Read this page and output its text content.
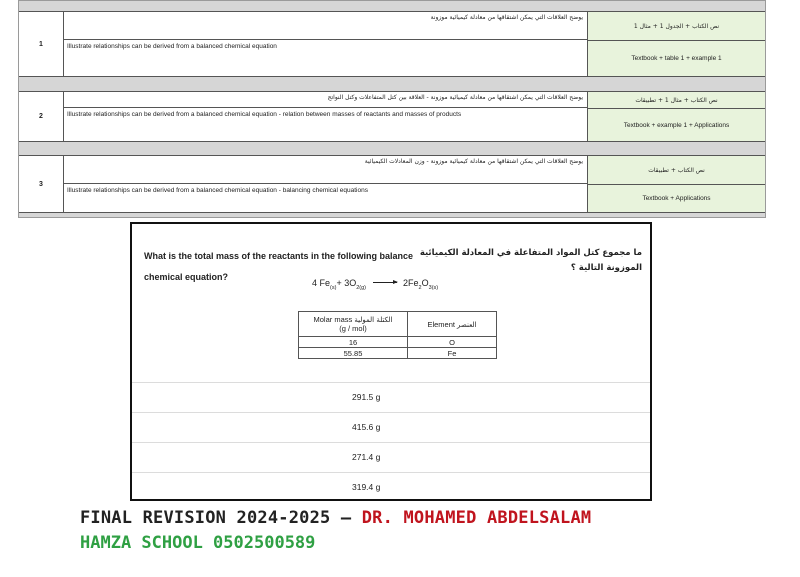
1
يوضح العلاقات التي يمكن اشتقاقها من معادلة كيميائية موزونة
Illustrate relationships can be derived from a balanced chemical equation
نص الكتاب + الجدول 1 + مثال 1
Textbook + table 1 + example 1
2
يوضح العلاقات التي يمكن اشتقاقها من معادلة كيميائية موزونة - العلاقة بين كتل المتفاعلات وكتل النواتج
Illustrate relationships can be derived from a balanced chemical equation - relation between masses of reactants and masses of products
نص الكتاب + مثال 1 + تطبيقات
Textbook + example 1 + Applications
3
يوضح العلاقات التي يمكن اشتقاقها من معادلة كيميائية موزونة - وزن المعادلات الكيميائية
Illustrate relationships can be derived from a balanced chemical equation - balancing chemical equations
نص الكتاب + تطبيقات
Textbook + Applications
What is the total mass of the reactants in the following balance chemical equation?
ما مجموع كتل المواد المتفاعلة في المعادلة الكيميائية الموزونة التالية ؟
4 $Fe_{(s)}+ 3O_{2(g)} \to 2Fe_2O_{3(s)}$
Molar mass الكتلة المولية
(g / mol)	Element العنصر
16	O
55.85	Fe
291.5 g
415.6 g
271.4 g
319.4 g
FINAL REVISION 2024-2025 – DR. MOHAMED ABDELSALAM
HAMZA SCHOOL 0502500589
